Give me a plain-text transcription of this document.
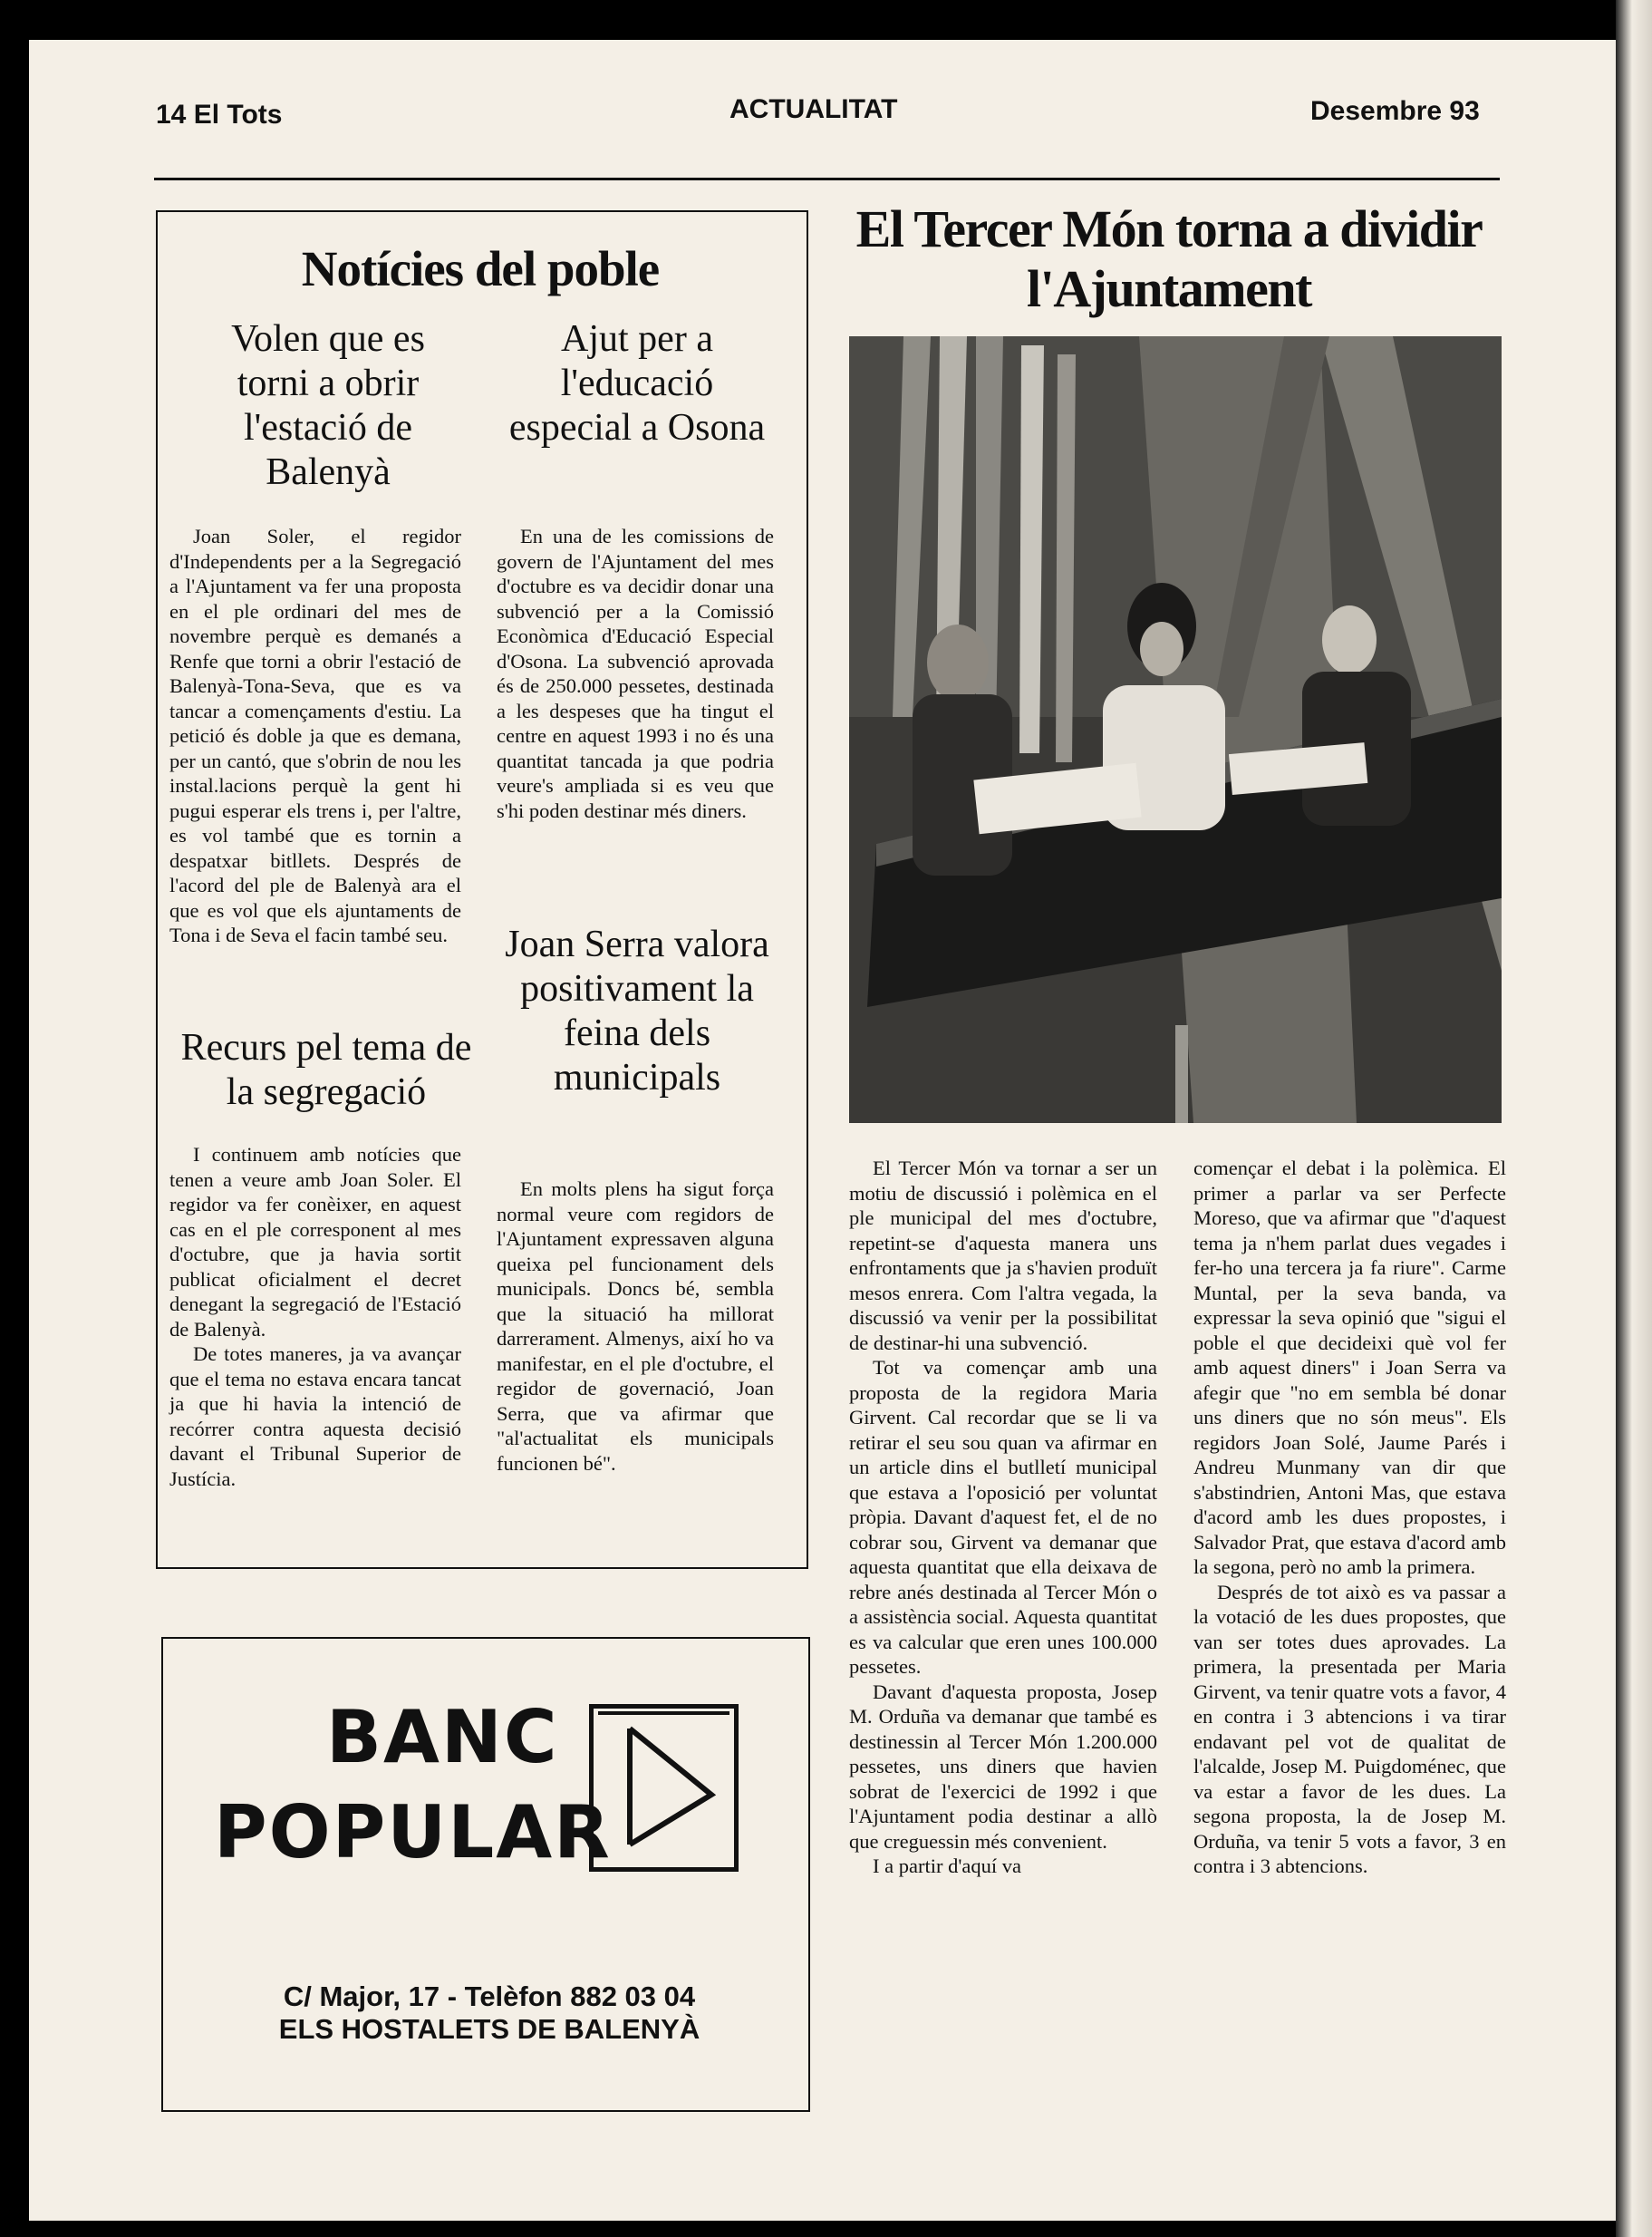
14 El Tots	ACTUALITAT	Desembre 93
Notícies del poble
Volen que es torni a obrir l'estació de Balenyà

Joan Soler, el regidor d'Independents per a la Segregació a l'Ajuntament va fer una proposta en el ple ordinari del mes de novembre perquè es demanés a Renfe que torni a obrir l'estació de Balenyà-Tona-Seva, que es va tancar a començaments d'estiu. La petició és doble ja que es demana, per un cantó, que s'obrin de nou les instal.lacions perquè la gent hi pugui esperar els trens i, per l'altre, es vol també que es tornin a despatxar bitllets. Després de l'acord del ple de Balenyà ara el que es vol que els ajuntaments de Tona i de Seva el facin també seu.

Ajut per a l'educació especial a Osona

En una de les comissions de govern de l'Ajuntament del mes d'octubre es va decidir donar una subvenció per a la Comissió Econòmica d'Educació Especial d'Osona. La subvenció aprovada és de 250.000 pessetes, destinada a les despeses que ha tingut el centre en aquest 1993 i no és una quantitat tancada ja que podria veure's ampliada si es veu que s'hi poden destinar més diners.

Recurs pel tema de la segregació

I continuem amb notícies que tenen a veure amb Joan Soler. El regidor va fer conèixer, en aquest cas en el ple corresponent al mes d'octubre, que ja havia sortit publicat oficialment el decret denegant la segregació de l'Estació de Balenyà.

De totes maneres, ja va avançar que el tema no estava encara tancat ja que hi havia la intenció de recórrer contra aquesta decisió davant el Tribunal Superior de Justícia.

Joan Serra valora positivament la feina dels municipals

En molts plens ha sigut força normal veure com regidors de l'Ajuntament expressaven alguna queixa pel funcionament dels municipals. Doncs bé, sembla que la situació ha millorat darrerament. Almenys, així ho va manifestar, en el ple d'octubre, el regidor de governació, Joan Serra, que va afirmar que "al'actualitat els municipals funcionen bé".

El Tercer Món torna a dividir l'Ajuntament

El Tercer Món va tornar a ser un motiu de discussió i polèmica en el ple municipal del mes d'octubre, repetint-se d'aquesta manera uns enfrontaments que ja s'havien produït mesos enrera. Com l'altra vegada, la discussió va venir per la possibilitat de destinar-hi una subvenció.

Tot va començar amb una proposta de la regidora Maria Girvent. Cal recordar que se li va retirar el seu sou quan va afirmar en un article dins el butlletí municipal que estava a l'oposició per voluntat pròpia. Davant d'aquest fet, el de no cobrar sou, Girvent va demanar que aquesta quantitat que ella deixava de rebre anés destinada al Tercer Món o a assistència social. Aquesta quantitat es va calcular que eren unes 100.000 pessetes.

Davant d'aquesta proposta, Josep M. Orduña va demanar que també es destinessin al Tercer Món 1.200.000 pessetes, uns diners que havien sobrat de l'exercici de 1992 i que l'Ajuntament podia destinar a allò que creguessin més convenient.

I a partir d'aquí va

començar el debat i la polèmica. El primer a parlar va ser Perfecte Moreso, que va afirmar que "d'aquest tema ja n'hem parlat dues vegades i fer-ho una tercera ja fa riure". Carme Muntal, per la seva banda, va expressar la seva opinió que "sigui el poble el que decideixi què vol fer amb aquest diners" i Joan Serra va afegir que "no em sembla bé donar uns diners que no són meus". Els regidors Joan Solé, Jaume Parés i Andreu Munmany van dir que s'abstindrien, Antoni Mas, que estava d'acord amb les dues propostes, i Salvador Prat, que estava d'acord amb la segona, però no amb la primera.

Després de tot això es va passar a la votació de les dues propostes, que van ser totes dues aprovades. La primera, la presentada per Maria Girvent, va tenir quatre vots a favor, 4 en contra i 3 abtencions i va tirar endavant pel vot de qualitat de l'alcalde, Josep M. Puigdoménec, que va estar a favor de les dues. La segona proposta, la de Josep M. Orduña, va tenir 5 vots a favor, 3 en contra i 3 abtencions.

BANC
POPULAR
C/ Major, 17 - Telèfon 882 03 04
ELS HOSTALETS DE BALENYÀ
